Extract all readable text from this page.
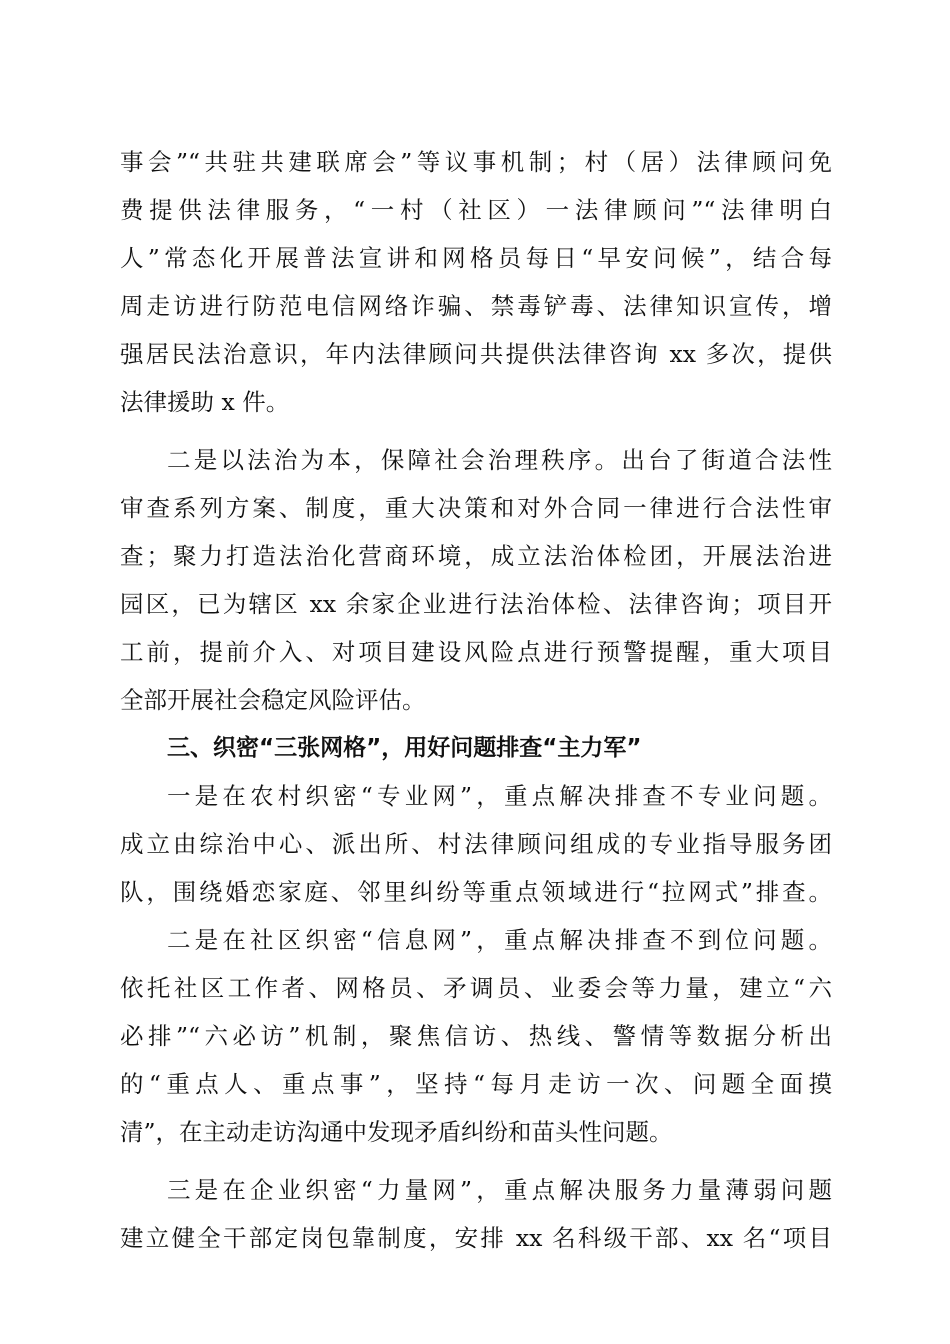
事会”“共驻共建联席会”等议事机制；村（居）法律顾问免
费提供法律服务，“一村（社区）一法律顾问”“法律明白
人”常态化开展普法宣讲和网格员每日“早安问候”，结合每
周走访进行防范电信网络诈骗、禁毒铲毒、法律知识宣传，增
强居民法治意识，年内法律顾问共提供法律咨询 xx 多次，提供
法律援助 x 件。
二是以法治为本，保障社会治理秩序。出台了街道合法性
审查系列方案、制度，重大决策和对外合同一律进行合法性审
查；聚力打造法治化营商环境，成立法治体检团，开展法治进
园区，已为辖区 xx 余家企业进行法治体检、法律咨询；项目开
工前，提前介入、对项目建设风险点进行预警提醒，重大项目
全部开展社会稳定风险评估。
三、织密“三张网格”，用好问题排查“主力军”
一是在农村织密“专业网”，重点解决排查不专业问题。
成立由综治中心、派出所、村法律顾问组成的专业指导服务团
队，围绕婚恋家庭、邻里纠纷等重点领域进行“拉网式”排查。
二是在社区织密“信息网”，重点解决排查不到位问题。
依托社区工作者、网格员、矛调员、业委会等力量，建立“六
必排”“六必访”机制，聚焦信访、热线、警情等数据分析出
的“重点人、重点事”，坚持“每月走访一次、问题全面摸
清”，在主动走访沟通中发现矛盾纠纷和苗头性问题。
三是在企业织密“力量网”，重点解决服务力量薄弱问题
建立健全干部定岗包靠制度，安排 xx 名科级干部、xx 名“项目
